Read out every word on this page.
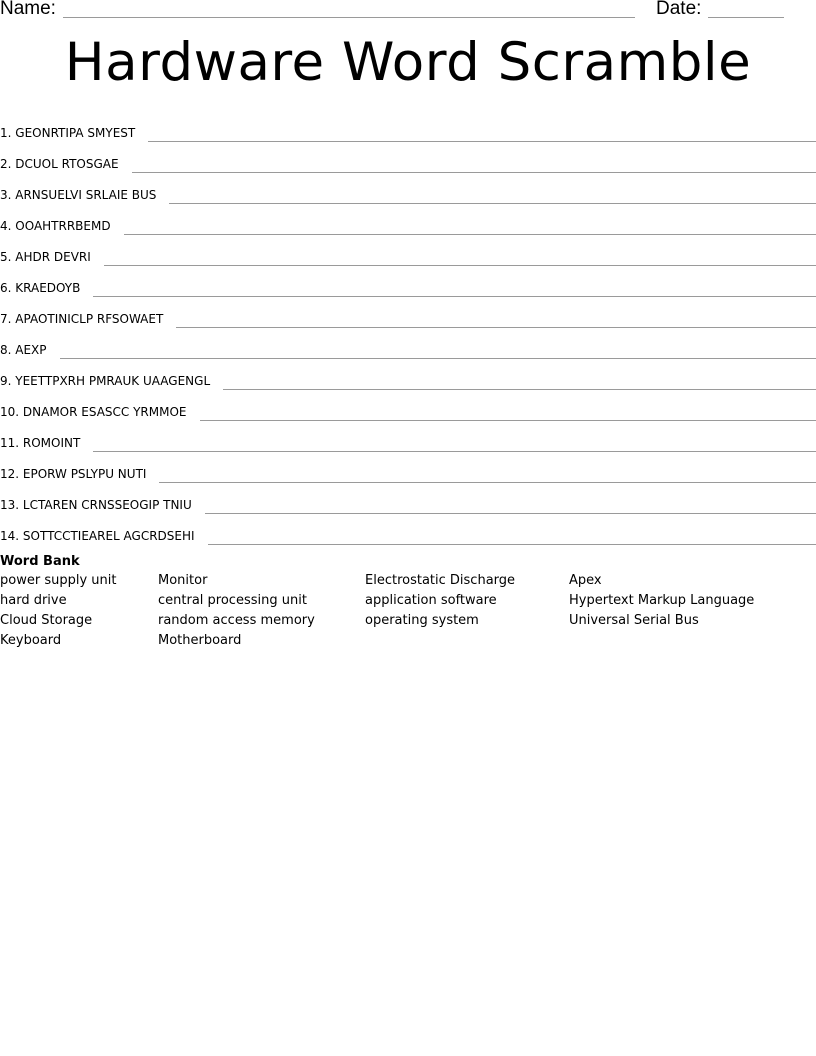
Name:	Date:
Hardware Word Scramble
1. GEONRTIPA SMYEST
2. DCUOL RTOSGAE
3. ARNSUELVI SRLAIE BUS
4. OOAHTRRBEMD
5. AHDR DEVRI
6. KRAEDOYB
7. APAOTINICLP RFSOWAET
8. AEXP
9. YEETTPXRH PMRAUK UAAGENGL
10. DNAMOR ESASCC YRMMOE
11. ROMOINT
12. EPORW PSLYPU NUTI
13. LCTAREN CRNSSEOGIP TNIU
14. SOTTCCTIEAREL AGCRDSEHI
Word Bank
power supply unit	Monitor	Electrostatic Discharge	Apex
hard drive	central processing unit	application software	Hypertext Markup Language
Cloud Storage	random access memory	operating system	Universal Serial Bus
Keyboard	Motherboard
